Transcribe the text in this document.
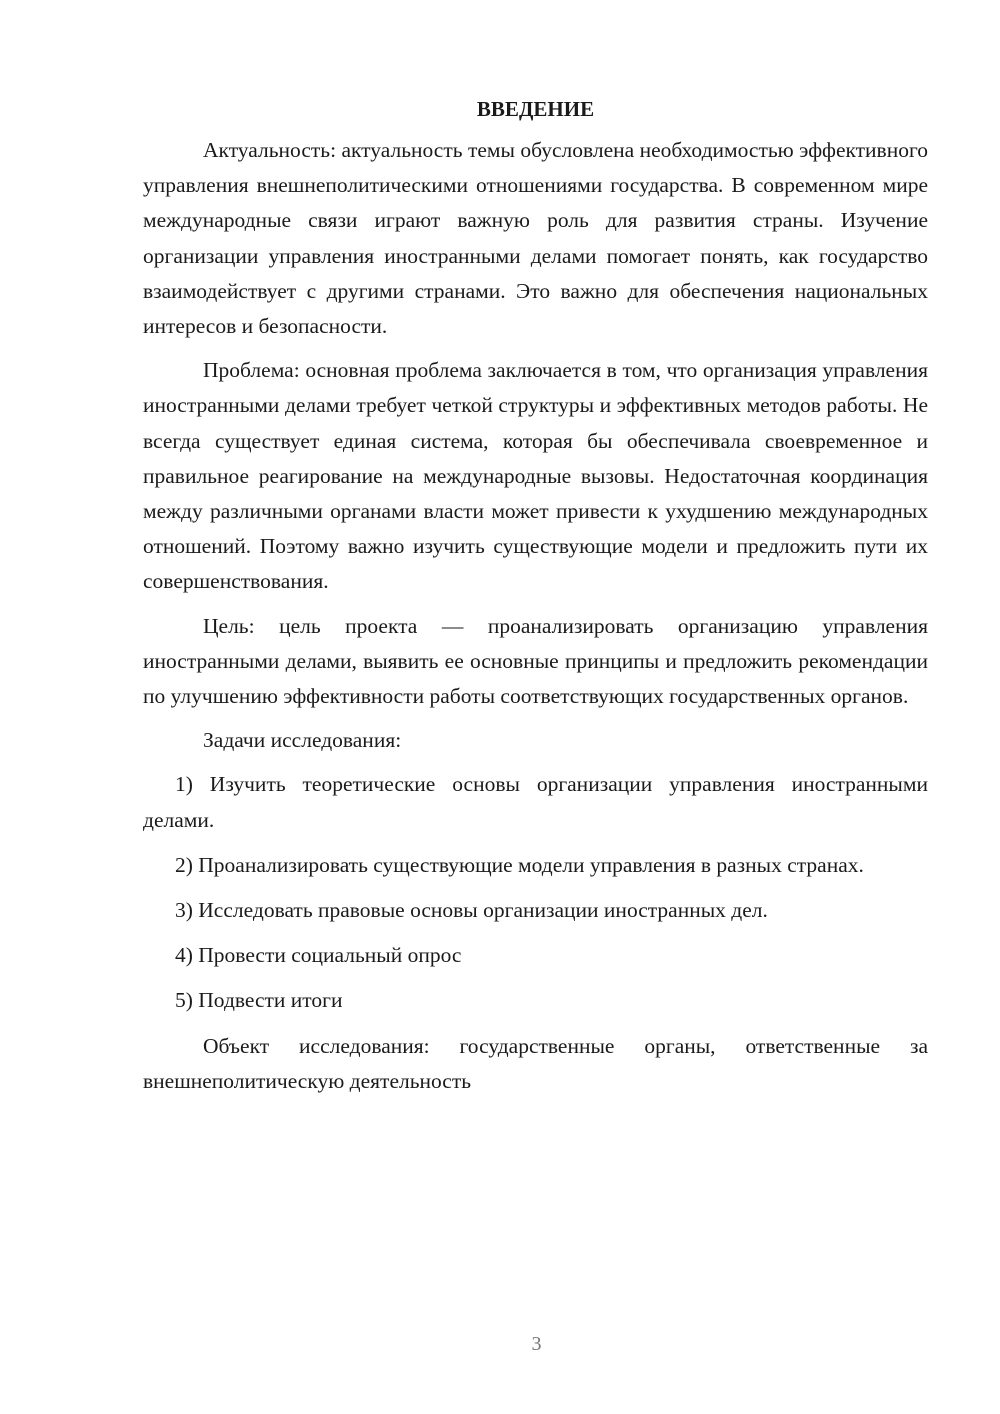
ВВЕДЕНИЕ

Актуальность: актуальность темы обусловлена необходимостью эффективного управления внешнеполитическими отношениями государства. В современном мире международные связи играют важную роль для развития страны. Изучение организации управления иностранными делами помогает понять, как государство взаимодействует с другими странами. Это важно для обеспечения национальных интересов и безопасности.

Проблема: основная проблема заключается в том, что организация управления иностранными делами требует четкой структуры и эффективных методов работы. Не всегда существует единая система, которая бы обеспечивала своевременное и правильное реагирование на международные вызовы. Недостаточная координация между различными органами власти может привести к ухудшению международных отношений. Поэтому важно изучить существующие модели и предложить пути их совершенствования.

Цель: цель проекта — проанализировать организацию управления иностранными делами, выявить ее основные принципы и предложить рекомендации по улучшению эффективности работы соответствующих государственных органов.

Задачи исследования:

1) Изучить теоретические основы организации управления иностранными делами.

2) Проанализировать существующие модели управления в разных странах.

3) Исследовать правовые основы организации иностранных дел.

4) Провести социальный опрос

5) Подвести итоги

Объект исследования: государственные органы, ответственные за внешнеполитическую деятельность

3
